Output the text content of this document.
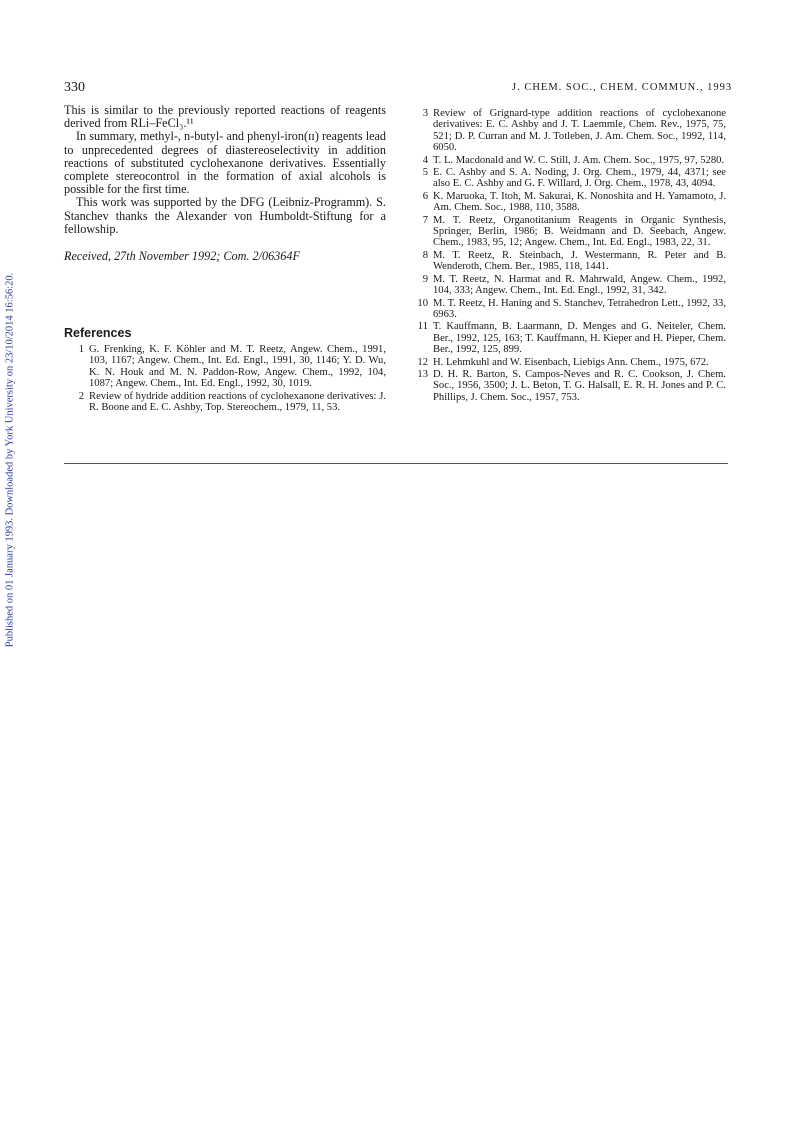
Published on 01 January 1993. Downloaded by York University on 23/10/2014 16:56:20.
330	J. CHEM. SOC., CHEM. COMMUN., 1993

This is similar to the previously reported reactions of reagents derived from RLi–FeCl₃.¹¹

In summary, methyl-, n-butyl- and phenyl-iron(ɪɪ) reagents lead to unprecedented degrees of diastereoselectivity in addition reactions of substituted cyclohexanone derivatives. Essentially complete stereocontrol in the formation of axial alcohols is possible for the first time.

This work was supported by the DFG (Leibniz-Programm). S. Stanchev thanks the Alexander von Humboldt-Stiftung for a fellowship.

Received, 27th November 1992; Com. 2/06364F

References
1 G. Frenking, K. F. Köhler and M. T. Reetz, Angew. Chem., 1991, 103, 1167; Angew. Chem., Int. Ed. Engl., 1991, 30, 1146; Y. D. Wu, K. N. Houk and M. N. Paddon-Row, Angew. Chem., 1992, 104, 1087; Angew. Chem., Int. Ed. Engl., 1992, 30, 1019.
2 Review of hydride addition reactions of cyclohexanone derivatives: J. R. Boone and E. C. Ashby, Top. Stereochem., 1979, 11, 53.
3 Review of Grignard-type addition reactions of cyclohexanone derivatives: E. C. Ashby and J. T. Laemmle, Chem. Rev., 1975, 75, 521; D. P. Curran and M. J. Totleben, J. Am. Chem. Soc., 1992, 114, 6050.
4 T. L. Macdonald and W. C. Still, J. Am. Chem. Soc., 1975, 97, 5280.
5 E. C. Ashby and S. A. Noding, J. Org. Chem., 1979, 44, 4371; see also E. C. Ashby and G. F. Willard, J. Org. Chem., 1978, 43, 4094.
6 K. Maruoka, T. Itoh, M. Sakurai, K. Nonoshita and H. Yamamoto, J. Am. Chem. Soc., 1988, 110, 3588.
7 M. T. Reetz, Organotitanium Reagents in Organic Synthesis, Springer, Berlin, 1986; B. Weidmann and D. Seebach, Angew. Chem., 1983, 95, 12; Angew. Chem., Int. Ed. Engl., 1983, 22, 31.
8 M. T. Reetz, R. Steinbach, J. Westermann, R. Peter and B. Wenderoth, Chem. Ber., 1985, 118, 1441.
9 M. T. Reetz, N. Harmat and R. Mahrwald, Angew. Chem., 1992, 104, 333; Angew. Chem., Int. Ed. Engl., 1992, 31, 342.
10 M. T. Reetz, H. Haning and S. Stanchev, Tetrahedron Lett., 1992, 33, 6963.
11 T. Kauffmann, B. Laarmann, D. Menges and G. Neiteler, Chem. Ber., 1992, 125, 163; T. Kauffmann, H. Kieper and H. Pieper, Chem. Ber., 1992, 125, 899.
12 H. Lehmkuhl and W. Eisenbach, Liebigs Ann. Chem., 1975, 672.
13 D. H. R. Barton, S. Campos-Neves and R. C. Cookson, J. Chem. Soc., 1956, 3500; J. L. Beton, T. G. Halsall, E. R. H. Jones and P. C. Phillips, J. Chem. Soc., 1957, 753.
